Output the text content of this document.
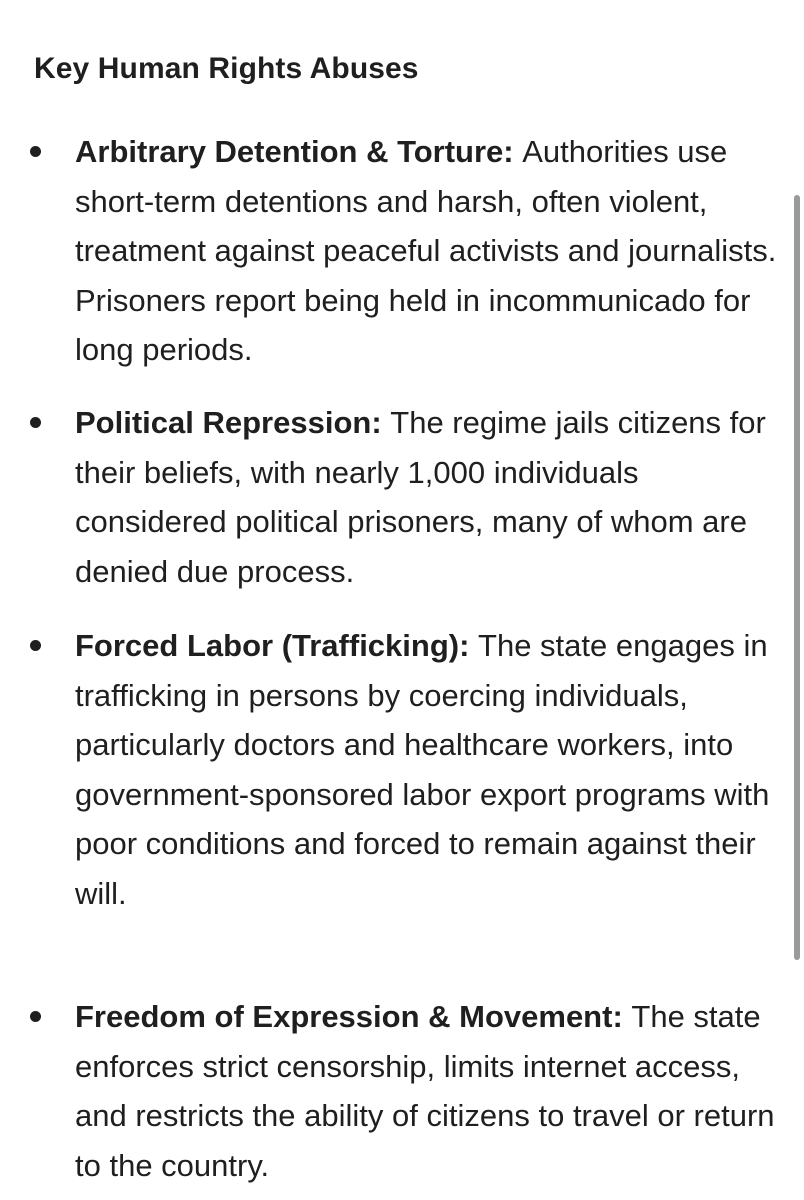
Key Human Rights Abuses
Arbitrary Detention & Torture: Authorities use short-term detentions and harsh, often violent, treatment against peaceful activists and journalists. Prisoners report being held in incommunicado for long periods.
Political Repression: The regime jails citizens for their beliefs, with nearly 1,000 individuals considered political prisoners, many of whom are denied due process.
Forced Labor (Trafficking): The state engages in trafficking in persons by coercing individuals, particularly doctors and healthcare workers, into government-sponsored labor export programs with poor conditions and forced to remain against their will.
Freedom of Expression & Movement: The state enforces strict censorship, limits internet access, and restricts the ability of citizens to travel or return to the country.
